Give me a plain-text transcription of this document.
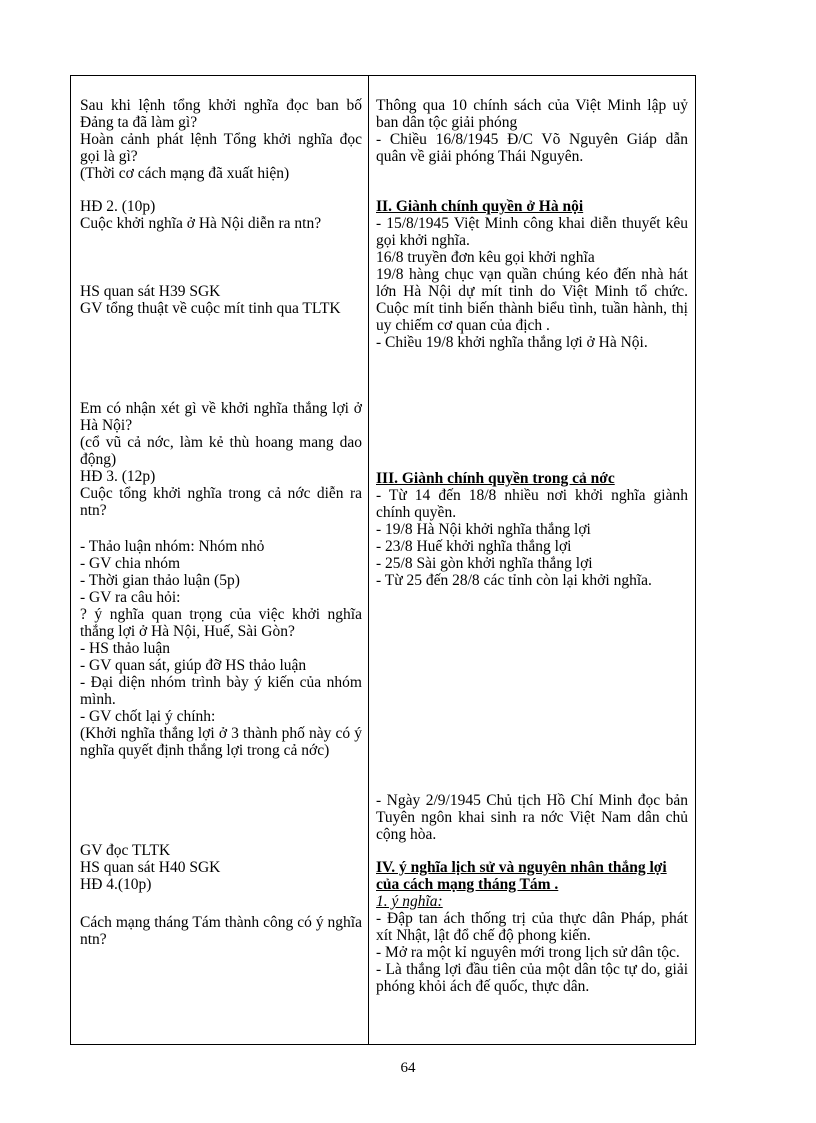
Sau khi lệnh tổng khởi nghĩa đọc ban bố Đảng ta đã làm gì?
Hoàn cảnh phát lệnh Tổng khởi nghĩa đọc gọi là gì?
(Thời cơ cách mạng đã xuất hiện)
HĐ 2. (10p)
Cuộc khởi nghĩa ở Hà Nội diễn ra ntn?
HS quan sát H39 SGK
GV tổng thuật về cuộc mít tinh qua TLTK
Em có nhận xét gì về khởi nghĩa thắng lợi ở Hà Nội?
(cổ vũ cả nớc, làm kẻ thù hoang mang dao động)
HĐ 3. (12p)
Cuộc tổng khởi nghĩa trong cả nớc diễn ra ntn?
- Thảo luận nhóm: Nhóm nhỏ
- GV chia nhóm
- Thời gian thảo luận (5p)
- GV ra câu hỏi:
? ý nghĩa quan trọng của việc khởi nghĩa thắng lợi ở Hà Nội, Huế, Sài Gòn?
- HS thảo luận
- GV quan sát, giúp đỡ HS thảo luận
- Đại diện nhóm trình bày ý kiến của nhóm mình.
- GV chốt lại ý chính:
(Khởi nghĩa thắng lợi ở 3 thành phố này có ý nghĩa quyết định thắng lợi trong cả nớc)
GV đọc TLTK
HS quan sát H40 SGK
HĐ 4.(10p)
Cách mạng tháng Tám thành công có ý nghĩa ntn?
Thông qua 10 chính sách của Việt Minh lập uỷ ban dân tộc giải phóng
- Chiều 16/8/1945 Đ/C Võ Nguyên Giáp dẫn quân về giải phóng Thái Nguyên.
II. Giành chính quyền ở Hà nội
- 15/8/1945 Việt Minh công khai diễn thuyết kêu gọi khởi nghĩa.
16/8 truyền đơn kêu gọi khởi nghĩa
19/8 hàng chục vạn quần chúng kéo đến nhà hát lớn Hà Nội dự mít tinh do Việt Minh tổ chức. Cuộc mít tinh biến thành biểu tình, tuần hành, thị uy chiếm cơ quan của địch .
- Chiều 19/8 khởi nghĩa thắng lợi ở Hà Nội.
III. Giành chính quyền trong cả nớc
- Từ 14 đến 18/8 nhiều nơi khởi nghĩa giành chính quyền.
- 19/8 Hà Nội khởi nghĩa thắng lợi
- 23/8 Huế khởi nghĩa thắng lợi
- 25/8 Sài gòn khởi nghĩa thắng lợi
- Từ 25 đến 28/8 các tỉnh còn lại khởi nghĩa.
- Ngày 2/9/1945 Chủ tịch Hồ Chí Minh đọc bản Tuyên ngôn khai sinh ra nớc Việt Nam dân chủ cộng hòa.
IV. ý nghĩa lịch sử và nguyên nhân thắng lợi của cách mạng tháng Tám .
1. ý nghĩa:
- Đập tan ách thống trị của thực dân Pháp, phát xít Nhật, lật đổ chế độ phong kiến.
- Mở ra một kỉ nguyên mới trong lịch sử dân tộc.
- Là thắng lợi đầu tiên của một dân tộc tự do, giải phóng khỏi ách đế quốc, thực dân.
64
